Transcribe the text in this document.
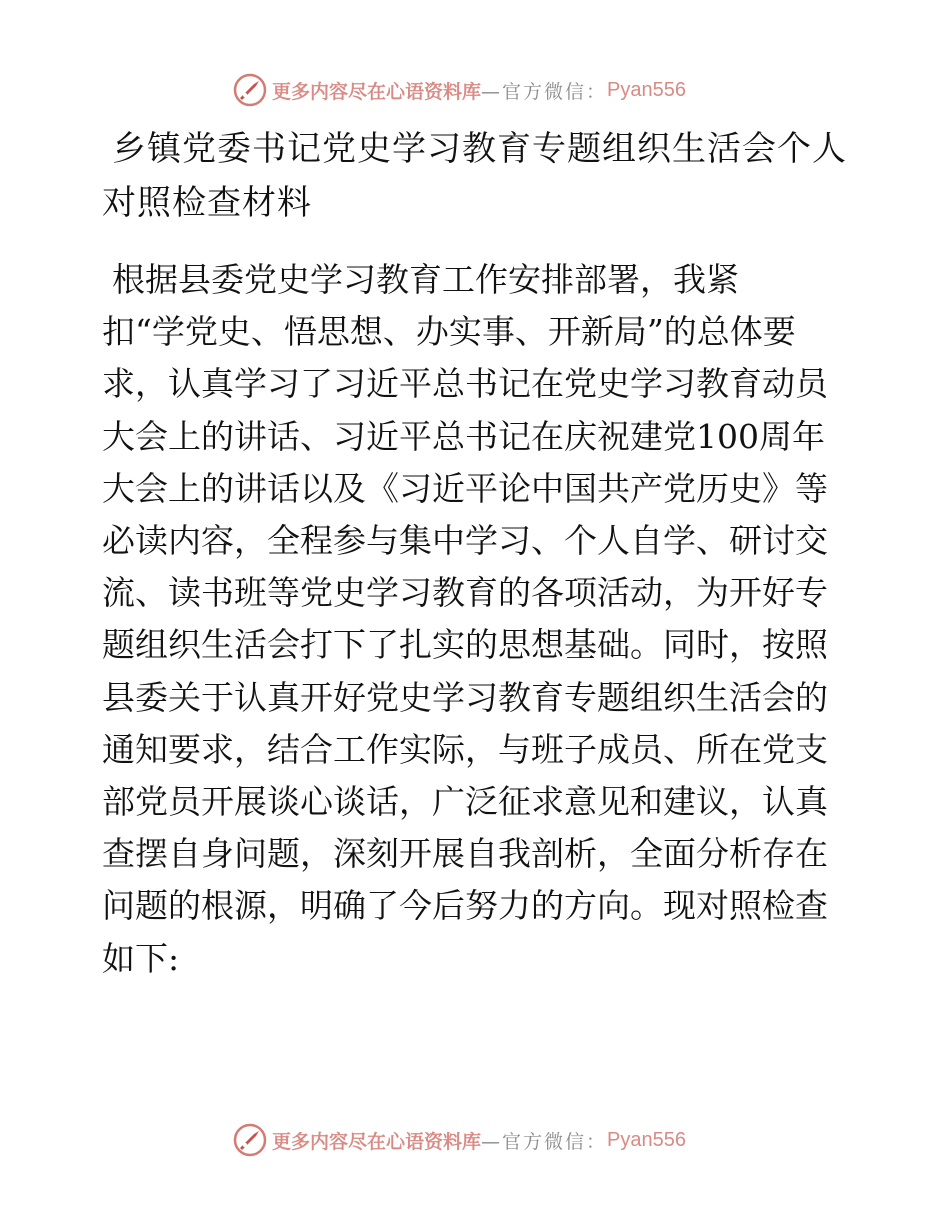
更多内容尽在心语资料库 —官方微信： Pyan556
乡镇党委书记党史学习教育专题组织生活会个人
对照检查材料
根据县委党史学习教育工作安排部署，我紧
扣“学党史、悟思想、办实事、开新局”的总体要
求，认真学习了习近平总书记在党史学习教育动员
大会上的讲话、习近平总书记在庆祝建党100周年
大会上的讲话以及《习近平论中国共产党历史》等
必读内容，全程参与集中学习、个人自学、研讨交
流、读书班等党史学习教育的各项活动，为开好专
题组织生活会打下了扎实的思想基础。同时，按照
县委关于认真开好党史学习教育专题组织生活会的
通知要求，结合工作实际，与班子成员、所在党支
部党员开展谈心谈话，广泛征求意见和建议，认真
查摆自身问题，深刻开展自我剖析，全面分析存在
问题的根源，明确了今后努力的方向。现对照检查
如下:
更多内容尽在心语资料库 —官方微信： Pyan556
